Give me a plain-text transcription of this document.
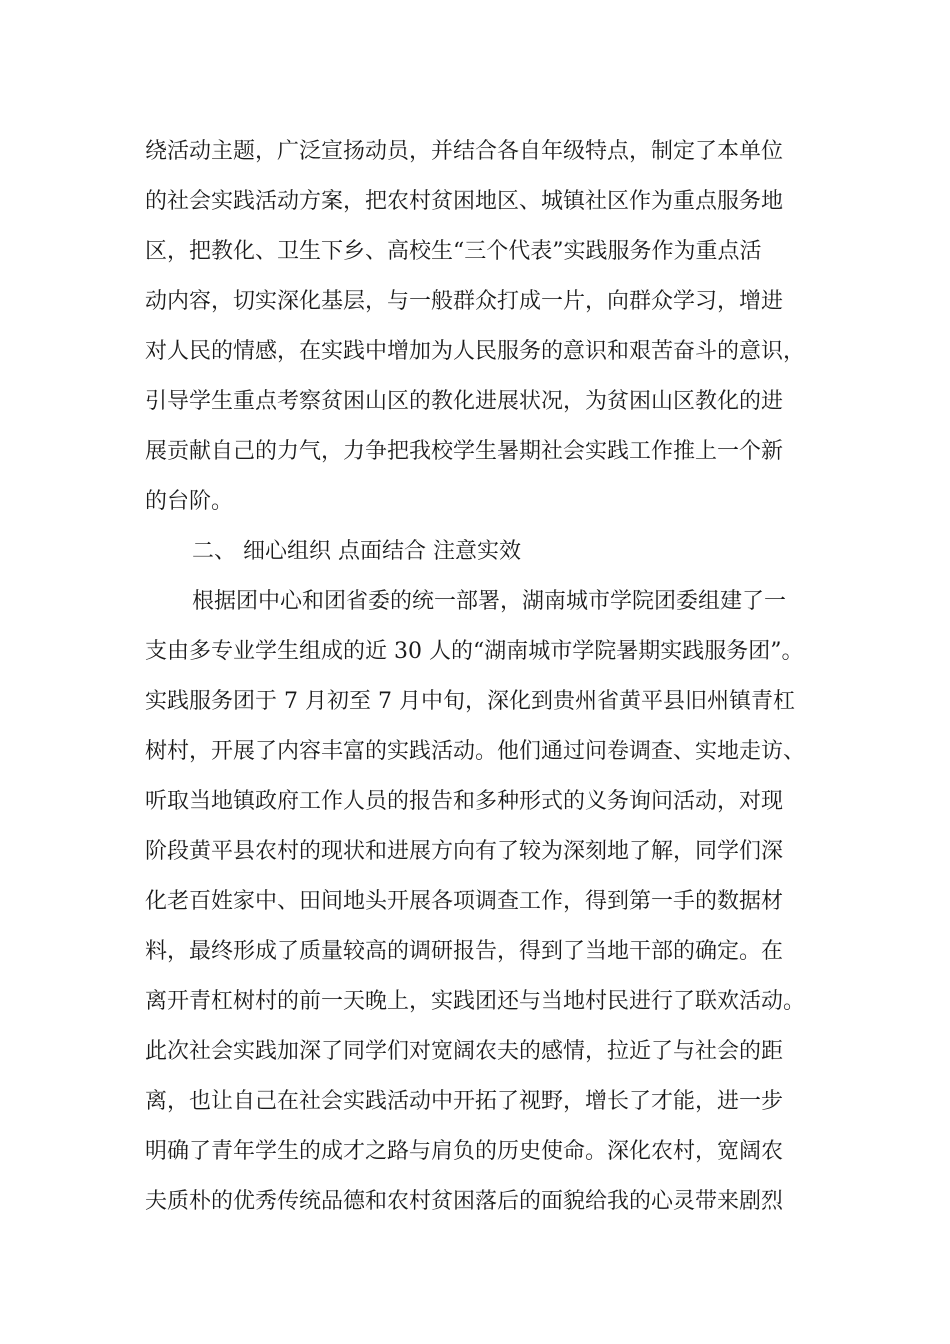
绕活动主题，广泛宣扬动员，并结合各自年级特点，制定了本单位
的社会实践活动方案，把农村贫困地区、城镇社区作为重点服务地
区，把教化、卫生下乡、高校生“三个代表”实践服务作为重点活
动内容，切实深化基层，与一般群众打成一片，向群众学习，增进
对人民的情感，在实践中增加为人民服务的意识和艰苦奋斗的意识，
引导学生重点考察贫困山区的教化进展状况，为贫困山区教化的进
展贡献自己的力气，力争把我校学生暑期社会实践工作推上一个新
的台阶。
二、 细心组织 点面结合 注意实效
根据团中心和团省委的统一部署，湖南城市学院团委组建了一
支由多专业学生组成的近 30 人的“湖南城市学院暑期实践服务团”。
实践服务团于 7 月初至 7 月中旬，深化到贵州省黄平县旧州镇青杠
树村，开展了内容丰富的实践活动。他们通过问卷调查、实地走访、
听取当地镇政府工作人员的报告和多种形式的义务询问活动，对现
阶段黄平县农村的现状和进展方向有了较为深刻地了解，同学们深
化老百姓家中、田间地头开展各项调查工作，得到第一手的数据材
料，最终形成了质量较高的调研报告，得到了当地干部的确定。在
离开青杠树村的前一天晚上，实践团还与当地村民进行了联欢活动。
此次社会实践加深了同学们对宽阔农夫的感情，拉近了与社会的距
离，也让自己在社会实践活动中开拓了视野，增长了才能，进一步
明确了青年学生的成才之路与肩负的历史使命。深化农村，宽阔农
夫质朴的优秀传统品德和农村贫困落后的面貌给我的心灵带来剧烈
